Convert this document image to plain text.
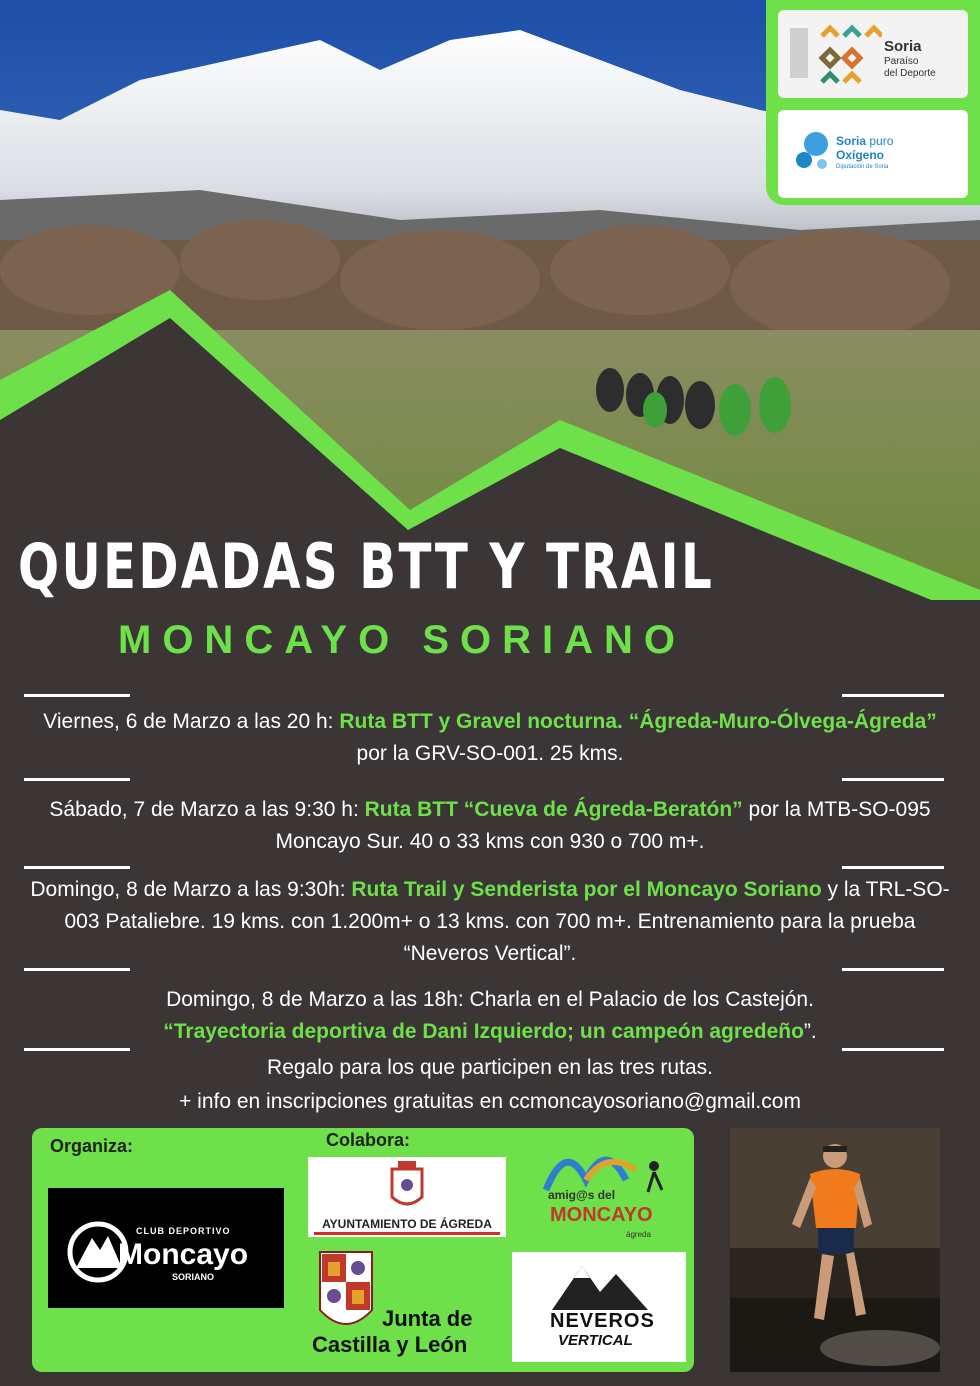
Soria
Paraíso
del Deporte
Soria puro
Oxígeno
Diputación de Soria
QUEDADAS BTT Y TRAIL
MONCAYO SORIANO
Viernes, 6 de Marzo a las 20 h: Ruta BTT y Gravel nocturna. “Ágreda-Muro-Ólvega-Ágreda” por la GRV-SO-001. 25 kms.
Sábado, 7 de Marzo a las 9:30 h: Ruta BTT “Cueva de Ágreda-Beratón” por la MTB-SO-095 Moncayo Sur. 40 o 33 kms con 930 o 700 m+.
Domingo, 8 de Marzo a las 9:30h: Ruta Trail y Senderista por el Moncayo Soriano y la TRL-SO-003 Pataliebre. 19 kms. con 1.200m+ o 13 kms. con 700 m+. Entrenamiento para la prueba “Neveros Vertical”.
Domingo, 8 de Marzo a las 18h: Charla en el Palacio de los Castejón.
“Trayectoria deportiva de Dani Izquierdo; un campeón agredeño”.
Regalo para los que participen en las tres rutas.
+ info en inscripciones gratuitas en ccmoncayosoriano@gmail.com
Organiza:	Colabora:
CLUB DEPORTIVO
Moncayo
SORIANO
AYUNTAMIENTO DE ÁGREDA
amig@s del
MONCAYO
ágreda
Junta de
Castilla y León
NEVEROS
VERTICAL
